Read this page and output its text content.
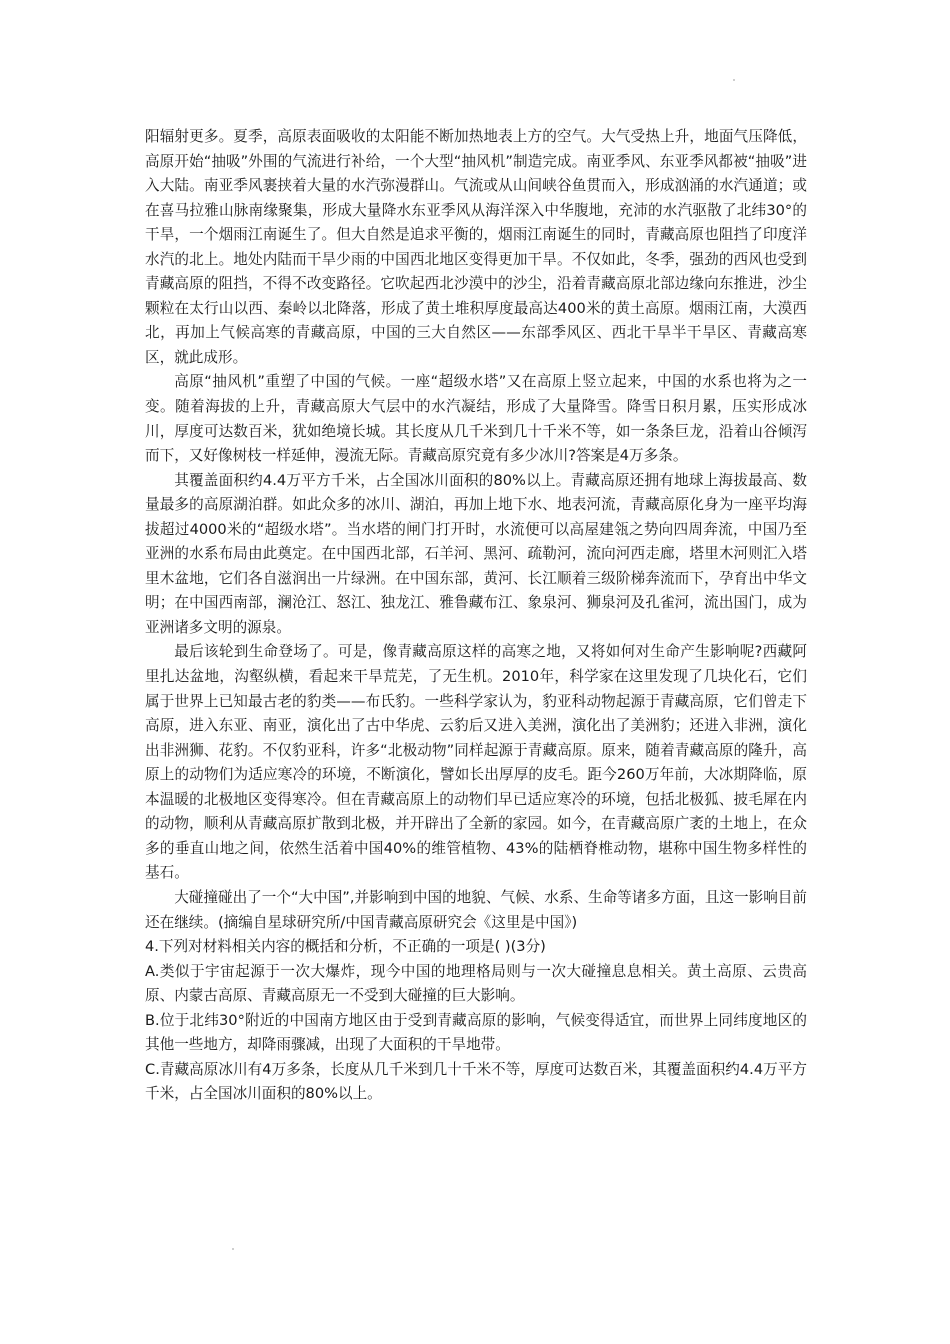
阳辐射更多。夏季，高原表面吸收的太阳能不断加热地表上方的空气。大气受热上升，地面气压降低，高原开始“抽吸”外围的气流进行补给，一个大型“抽风机”制造完成。南亚季风、东亚季风都被“抽吸”进入大陆。南亚季风裹挟着大量的水汽弥漫群山。气流或从山间峡谷鱼贯而入，形成汹涌的水汽通道；或在喜马拉雅山脉南缘聚集，形成大量降水东亚季风从海洋深入中华腹地，充沛的水汽驱散了北纬30°的干旱，一个烟雨江南诞生了。但大自然是追求平衡的，烟雨江南诞生的同时，青藏高原也阻挡了印度洋水汽的北上。地处内陆而干旱少雨的中国西北地区变得更加干旱。不仅如此，冬季，强劲的西风也受到青藏高原的阻挡，不得不改变路径。它吹起西北沙漠中的沙尘，沿着青藏高原北部边缘向东推进，沙尘颗粒在太行山以西、秦岭以北降落，形成了黄土堆积厚度最高达400米的黄土高原。烟雨江南，大漠西北，再加上气候高寒的青藏高原，中国的三大自然区——东部季风区、西北干旱半干旱区、青藏高寒区，就此成形。

高原“抽风机”重塑了中国的气候。一座“超级水塔”又在高原上竖立起来，中国的水系也将为之一变。随着海拔的上升，青藏高原大气层中的水汽凝结，形成了大量降雪。降雪日积月累，压实形成冰川，厚度可达数百米，犹如绝境长城。其长度从几千米到几十千米不等，如一条条巨龙，沿着山谷倾泻而下，又好像树枝一样延伸，漫流无际。青藏高原究竟有多少冰川?答案是4万多条。

其覆盖面积约4.4万平方千米，占全国冰川面积的80%以上。青藏高原还拥有地球上海拔最高、数量最多的高原湖泊群。如此众多的冰川、湖泊，再加上地下水、地表河流，青藏高原化身为一座平均海拔超过4000米的“超级水塔”。当水塔的闸门打开时，水流便可以高屋建瓴之势向四周奔流，中国乃至亚洲的水系布局由此奠定。在中国西北部，石羊河、黑河、疏勒河，流向河西走廊，塔里木河则汇入塔里木盆地，它们各自滋润出一片绿洲。在中国东部，黄河、长江顺着三级阶梯奔流而下，孕育出中华文明；在中国西南部，澜沧江、怒江、独龙江、雅鲁藏布江、象泉河、狮泉河及孔雀河，流出国门，成为亚洲诸多文明的源泉。

最后该轮到生命登场了。可是，像青藏高原这样的高寒之地，又将如何对生命产生影响呢?西藏阿里扎达盆地，沟壑纵横，看起来干旱荒芜，了无生机。2010年，科学家在这里发现了几块化石，它们属于世界上已知最古老的豹类——布氏豹。一些科学家认为，豹亚科动物起源于青藏高原，它们曾走下高原，进入东亚、南亚，演化出了古中华虎、云豹后又进入美洲，演化出了美洲豹；还进入非洲，演化出非洲狮、花豹。不仅豹亚科，许多“北极动物”同样起源于青藏高原。原来，随着青藏高原的隆升，高原上的动物们为适应寒冷的环境，不断演化，譬如长出厚厚的皮毛。距今260万年前，大冰期降临，原本温暖的北极地区变得寒冷。但在青藏高原上的动物们早已适应寒冷的环境，包括北极狐、披毛犀在内的动物，顺利从青藏高原扩散到北极，并开辟出了全新的家园。如今，在青藏高原广袤的土地上，在众多的垂直山地之间，依然生活着中国40%的维管植物、43%的陆栖脊椎动物，堪称中国生物多样性的基石。

大碰撞碰出了一个“大中国”,并影响到中国的地貌、气候、水系、生命等诸多方面，且这一影响目前还在继续。(摘编自星球研究所/中国青藏高原研究会《这里是中国》)

4.下列对材料相关内容的概括和分析，不正确的一项是( )(3分)

A.类似于宇宙起源于一次大爆炸，现今中国的地理格局则与一次大碰撞息息相关。黄土高原、云贵高原、内蒙古高原、青藏高原无一不受到大碰撞的巨大影响。

B.位于北纬30°附近的中国南方地区由于受到青藏高原的影响，气候变得适宜，而世界上同纬度地区的其他一些地方，却降雨骤减，出现了大面积的干旱地带。

C.青藏高原冰川有4万多条，长度从几千米到几十千米不等，厚度可达数百米，其覆盖面积约4.4万平方千米，占全国冰川面积的80%以上。
